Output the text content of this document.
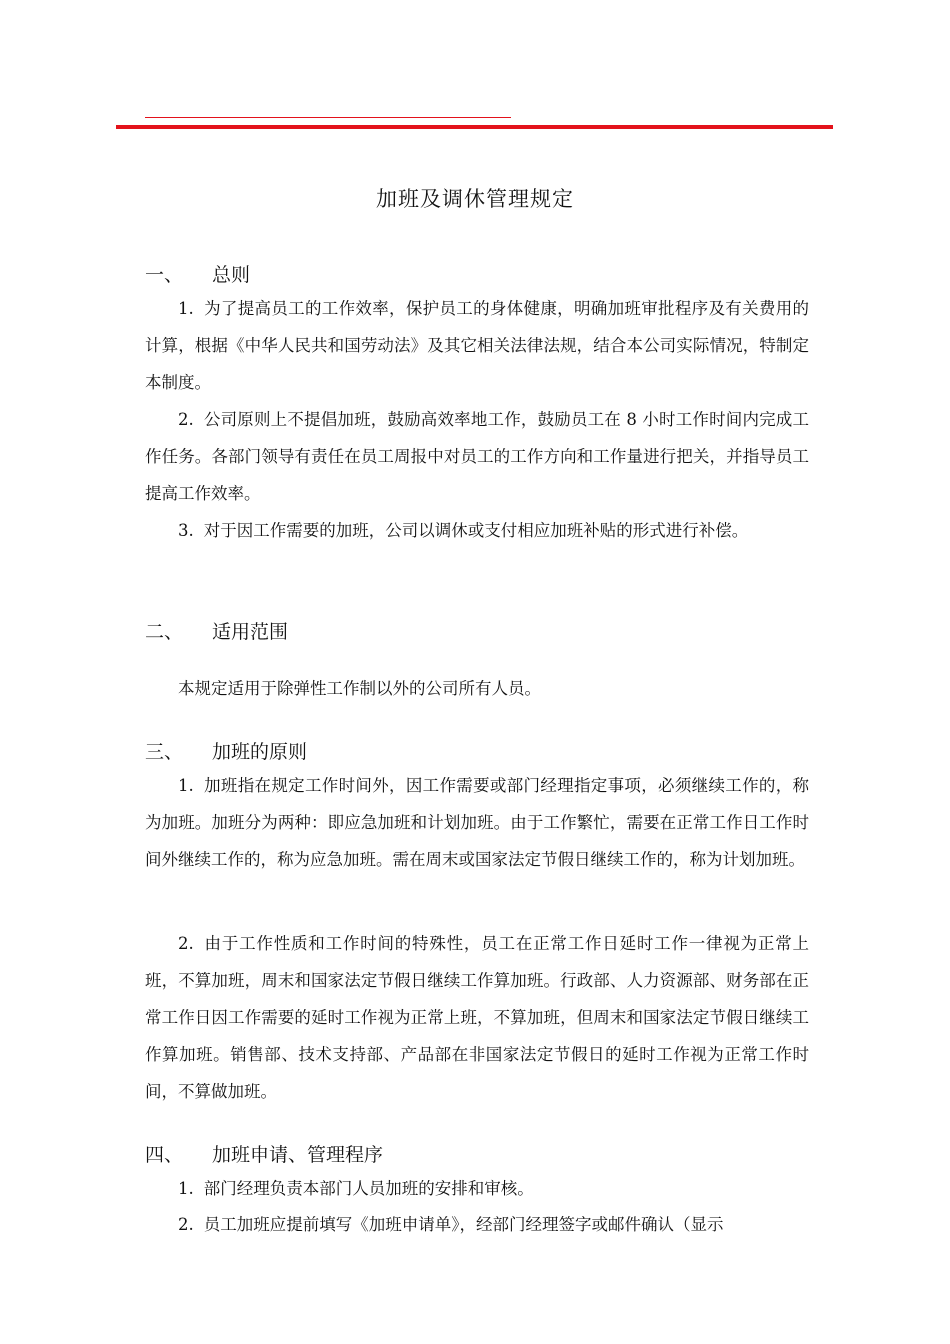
加班及调休管理规定
一、 总则
1. 为了提高员工的工作效率，保护员工的身体健康，明确加班审批程序及有关费用的计算，根据《中华人民共和国劳动法》及其它相关法律法规，结合本公司实际情况，特制定本制度。
2. 公司原则上不提倡加班，鼓励高效率地工作，鼓励员工在 8 小时工作时间内完成工作任务。各部门领导有责任在员工周报中对员工的工作方向和工作量进行把关，并指导员工提高工作效率。
3. 对于因工作需要的加班，公司以调休或支付相应加班补贴的形式进行补偿。
二、 适用范围
本规定适用于除弹性工作制以外的公司所有人员。
三、 加班的原则
1. 加班指在规定工作时间外，因工作需要或部门经理指定事项，必须继续工作的，称为加班。加班分为两种：即应急加班和计划加班。由于工作繁忙，需要在正常工作日工作时间外继续工作的，称为应急加班。需在周末或国家法定节假日继续工作的，称为计划加班。
2. 由于工作性质和工作时间的特殊性，员工在正常工作日延时工作一律视为正常上班，不算加班，周末和国家法定节假日继续工作算加班。行政部、人力资源部、财务部在正常工作日因工作需要的延时工作视为正常上班，不算加班，但周末和国家法定节假日继续工作算加班。销售部、技术支持部、产品部在非国家法定节假日的延时工作视为正常工作时间，不算做加班。
四、 加班申请、管理程序
1. 部门经理负责本部门人员加班的安排和审核。
2. 员工加班应提前填写《加班申请单》，经部门经理签字或邮件确认（显示
